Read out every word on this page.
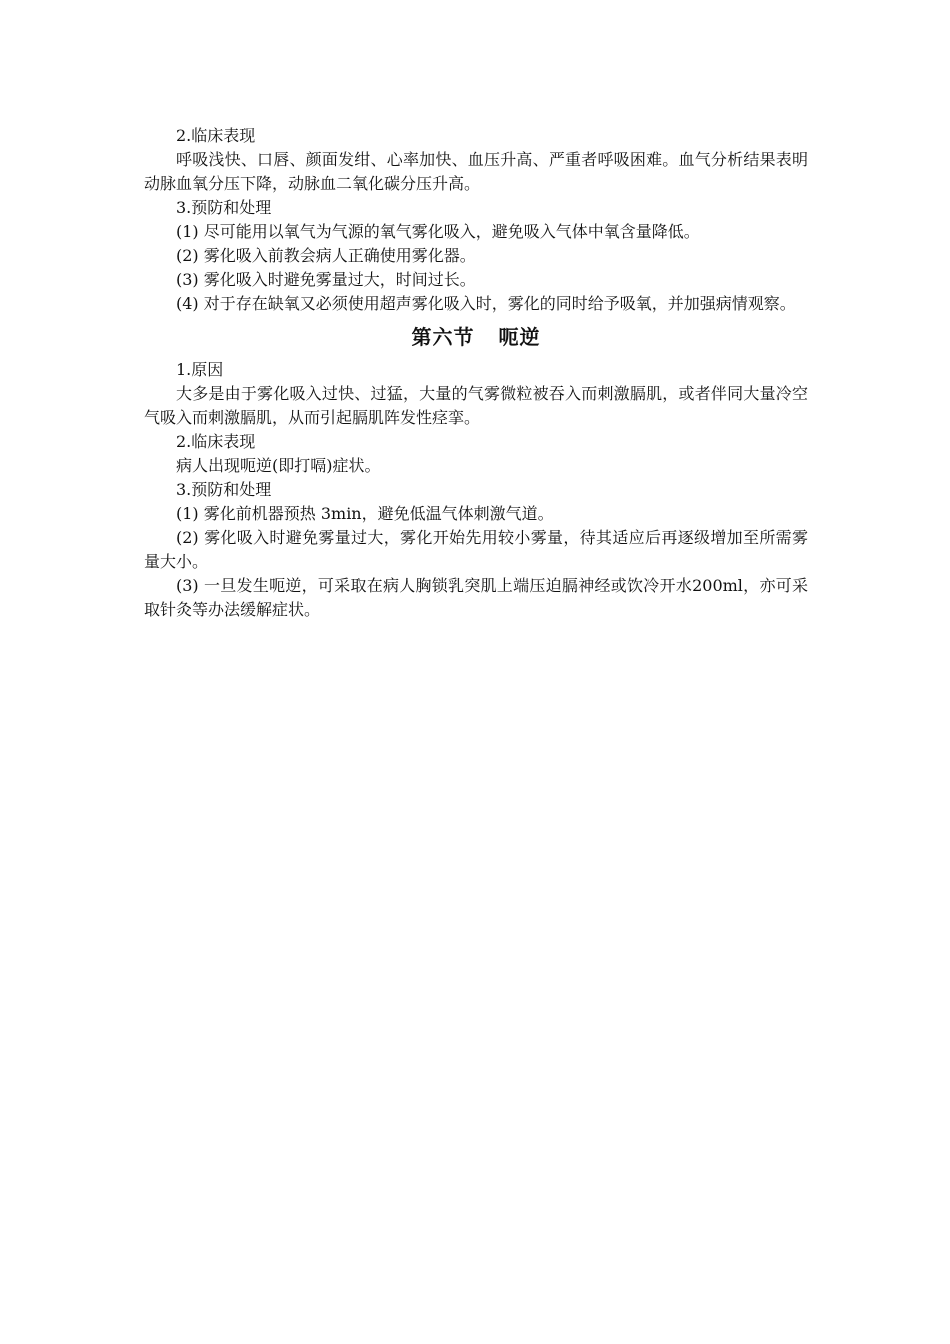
2.临床表现

呼吸浅快、口唇、颜面发绀、心率加快、血压升高、严重者呼吸困难。血气分析结果表明动脉血氧分压下降，动脉血二氧化碳分压升高。

3.预防和处理

(1) 尽可能用以氧气为气源的氧气雾化吸入，避免吸入气体中氧含量降低。

(2) 雾化吸入前教会病人正确使用雾化器。

(3) 雾化吸入时避免雾量过大，时间过长。

(4) 对于存在缺氧又必须使用超声雾化吸入时，雾化的同时给予吸氧，并加强病情观察。

第六节 呃逆

1.原因

大多是由于雾化吸入过快、过猛，大量的气雾微粒被吞入而刺激膈肌，或者伴同大量冷空气吸入而刺激膈肌，从而引起膈肌阵发性痉挛。

2.临床表现

病人出现呃逆(即打嗝)症状。

3.预防和处理

(1) 雾化前机器预热 3min，避免低温气体刺激气道。

(2) 雾化吸入时避免雾量过大，雾化开始先用较小雾量，待其适应后再逐级增加至所需雾量大小。

(3) 一旦发生呃逆，可采取在病人胸锁乳突肌上端压迫膈神经或饮冷开水200ml，亦可采取针灸等办法缓解症状。
